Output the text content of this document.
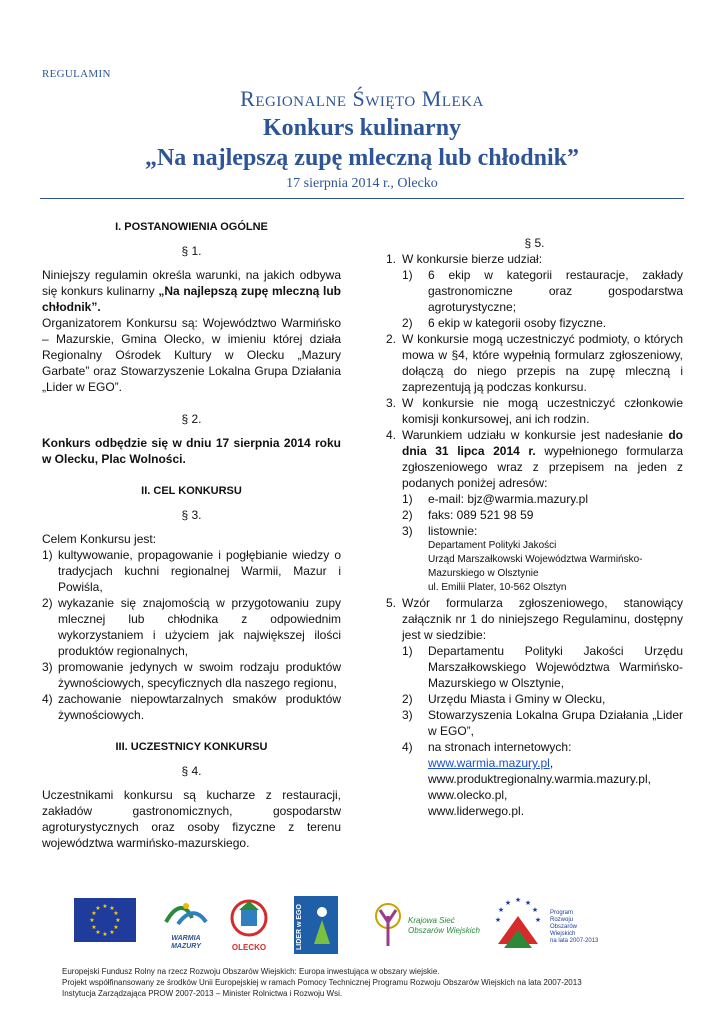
REGULAMIN
Regionalne Święto Mleka
Konkurs kulinarny
„Na najlepszą zupę mleczną lub chłodnik”
17 sierpnia 2014 r., Olecko
I. POSTANOWIENIA OGÓLNE
§ 1.
Niniejszy regulamin określa warunki, na jakich odbywa się konkurs kulinarny „Na najlepszą zupę mleczną lub chłodnik”.
Organizatorem Konkursu są: Województwo Warmińsko – Mazurskie, Gmina Olecko, w imieniu której działa Regionalny Ośrodek Kultury w Olecku „Mazury Garbate” oraz Stowarzyszenie Lokalna Grupa Działania „Lider w EGO”.
§ 2.
Konkurs odbędzie się w dniu 17 sierpnia 2014 roku w Olecku, Plac Wolności.
II. CEL KONKURSU
§ 3.
Celem Konkursu jest:
1) kultywowanie, propagowanie i pogłębianie wiedzy o tradycjach kuchni regionalnej Warmii, Mazur i Powiśla,
2) wykazanie się znajomością w przygotowaniu zupy mlecznej lub chłodnika z odpowiednim wykorzystaniem i użyciem jak największej ilości produktów regionalnych,
3) promowanie jedynych w swoim rodzaju produktów żywnościowych, specyficznych dla naszego regionu,
4) zachowanie niepowtarzalnych smaków produktów żywnościowych.
III. UCZESTNICY KONKURSU
§ 4.
Uczestnikami konkursu są kucharze z restauracji, zakładów gastronomicznych, gospodarstw agroturystycznych oraz osoby fizyczne z terenu województwa warmińsko-mazurskiego.
§ 5.
1. W konkursie bierze udział:
1)	6 ekip w kategorii restauracje, zakłady gastronomiczne oraz gospodarstwa agroturystyczne;
2)	6 ekip w kategorii osoby fizyczne.
2. W konkursie mogą uczestniczyć podmioty, o których mowa w §4, które wypełnią formularz zgłoszeniowy, dołączą do niego przepis na zupę mleczną i zaprezentują ją podczas konkursu.
3. W konkursie nie mogą uczestniczyć członkowie komisji konkursowej, ani ich rodzin.
4. Warunkiem udziału w konkursie jest nadesłanie do dnia 31 lipca 2014 r. wypełnionego formularza zgłoszeniowego wraz z przepisem na jeden z podanych poniżej adresów:
1)	e-mail: bjz@warmia.mazury.pl
2)	faks: 089 521 98 59
3)	listownie:
Departament Polityki Jakości
Urząd Marszałkowski Województwa Warmińsko-Mazurskiego w Olsztynie
ul. Emilii Plater, 10-562 Olsztyn
5. Wzór formularza zgłoszeniowego, stanowiący załącznik nr 1 do niniejszego Regulaminu, dostępny jest w siedzibie:
1)	Departamentu Polityki Jakości Urzędu Marszałkowskiego Województwa Warmińsko-Mazurskiego w Olsztynie,
2)	Urzędu Miasta i Gminy w Olecku,
3)	Stowarzyszenia Lokalna Grupa Działania „Lider w EGO”,
4)	na stronach internetowych:
www.warmia.mazury.pl,
www.produktregionalny.warmia.mazury.pl,
www.olecko.pl,
www.liderwego.pl.
★ ★
★
★
★
★
★
★
★
★
★
★
WARMIA
MAZURY	OLECKO	LIDER w EGO	Krajowa Sieć
Obszarów Wiejskich
★ ★
★
★
★
★
★
Program
Rozwoju
Obszarów
Wiejskich
na lata 2007-2013
Europejski Fundusz Rolny na rzecz Rozwoju Obszarów Wiejskich: Europa inwestująca w obszary wiejskie.
Projekt współfinansowany ze środków Unii Europejskiej w ramach Pomocy Technicznej Programu Rozwoju Obszarów Wiejskich na lata 2007-2013
Instytucja Zarządzająca PROW 2007-2013 – Minister Rolnictwa i Rozwoju Wsi.
